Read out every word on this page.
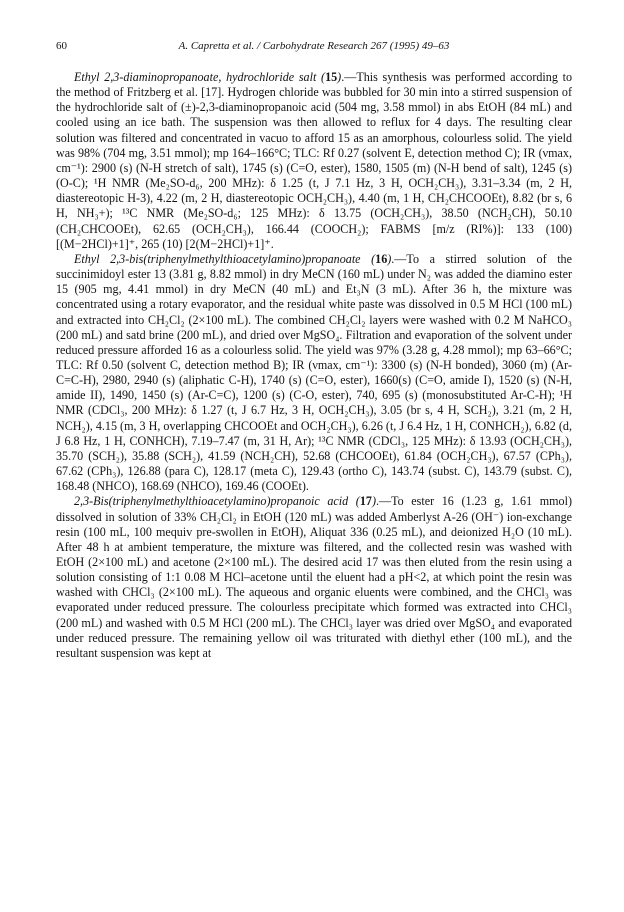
60	A. Capretta et al. / Carbohydrate Research 267 (1995) 49–63

Ethyl 2,3-diaminopropanoate, hydrochloride salt (15).—This synthesis was performed according to the method of Fritzberg et al. [17]. Hydrogen chloride was bubbled for 30 min into a stirred suspension of the hydrochloride salt of (±)-2,3-diaminopropanoic acid (504 mg, 3.58 mmol) in abs EtOH (84 mL) and cooled using an ice bath. The suspension was then allowed to reflux for 4 days. The resulting clear solution was filtered and concentrated in vacuo to afford 15 as an amorphous, colourless solid. The yield was 98% (704 mg, 3.51 mmol); mp 164–166°C; TLC: Rf 0.27 (solvent E, detection method C); IR (νmax, cm⁻¹): 2900 (s) (N-H stretch of salt), 1745 (s) (C=O, ester), 1580, 1505 (m) (N-H bend of salt), 1245 (s) (O-C); ¹H NMR (Me₂SO-d₆, 200 MHz): δ 1.25 (t, J 7.1 Hz, 3 H, OCH₂CH₃), 3.31–3.34 (m, 2 H, diastereotopic H-3), 4.22 (m, 2 H, diastereotopic OCH₂CH₃), 4.40 (m, 1 H, CH₂CHCOOEt), 8.82 (br s, 6 H, NH₃+); ¹³C NMR (Me₂SO-d₆; 125 MHz): δ 13.75 (OCH₂CH₃), 38.50 (NCH₂CH), 50.10 (CH₂CHCOOEt), 62.65 (OCH₂CH₃), 166.44 (COOCH₂); FABMS [m/z (RI%)]: 133 (100) [(M−2HCl)+1]⁺, 265 (10) [2(M−2HCl)+1]⁺.

Ethyl 2,3-bis(triphenylmethylthioacetylamino)propanoate (16).—To a stirred solution of the succinimidoyl ester 13 (3.81 g, 8.82 mmol) in dry MeCN (160 mL) under N₂ was added the diamino ester 15 (905 mg, 4.41 mmol) in dry MeCN (40 mL) and Et₃N (3 mL). After 36 h, the mixture was concentrated using a rotary evaporator, and the residual white paste was dissolved in 0.5 M HCl (100 mL) and extracted into CH₂Cl₂ (2×100 mL). The combined CH₂Cl₂ layers were washed with 0.2 M NaHCO₃ (200 mL) and satd brine (200 mL), and dried over MgSO₄. Filtration and evaporation of the solvent under reduced pressure afforded 16 as a colourless solid. The yield was 97% (3.28 g, 4.28 mmol); mp 63–66°C; TLC: Rf 0.50 (solvent C, detection method B); IR (νmax, cm⁻¹): 3300 (s) (N-H bonded), 3060 (m) (Ar-C=C-H), 2980, 2940 (s) (aliphatic C-H), 1740 (s) (C=O, ester), 1660(s) (C=O, amide I), 1520 (s) (N-H, amide II), 1490, 1450 (s) (Ar-C=C), 1200 (s) (C-O, ester), 740, 695 (s) (monosubstituted Ar-C-H); ¹H NMR (CDCl₃, 200 MHz): δ 1.27 (t, J 6.7 Hz, 3 H, OCH₂CH₃), 3.05 (br s, 4 H, SCH₂), 3.21 (m, 2 H, NCH₂), 4.15 (m, 3 H, overlapping CHCOOEt and OCH₂CH₃), 6.26 (t, J 6.4 Hz, 1 H, CONHCH₂), 6.82 (d, J 6.8 Hz, 1 H, CONHCH), 7.19–7.47 (m, 31 H, Ar); ¹³C NMR (CDCl₃, 125 MHz): δ 13.93 (OCH₂CH₃), 35.70 (SCH₂), 35.88 (SCH₂), 41.59 (NCH₂CH), 52.68 (CHCOOEt), 61.84 (OCH₂CH₃), 67.57 (CPh₃), 67.62 (CPh₃), 126.88 (para C), 128.17 (meta C), 129.43 (ortho C), 143.74 (subst. C), 143.79 (subst. C), 168.48 (NHCO), 168.69 (NHCO), 169.46 (COOEt).

2,3-Bis(triphenylmethylthioacetylamino)propanoic acid (17).—To ester 16 (1.23 g, 1.61 mmol) dissolved in solution of 33% CH₂Cl₂ in EtOH (120 mL) was added Amberlyst A-26 (OH⁻) ion-exchange resin (100 mL, 100 mequiv pre-swollen in EtOH), Aliquat 336 (0.25 mL), and deionized H₂O (10 mL). After 48 h at ambient temperature, the mixture was filtered, and the collected resin was washed with EtOH (2×100 mL) and acetone (2×100 mL). The desired acid 17 was then eluted from the resin using a solution consisting of 1:1 0.08 M HCl–acetone until the eluent had a pH<2, at which point the resin was washed with CHCl₃ (2×100 mL). The aqueous and organic eluents were combined, and the CHCl₃ was evaporated under reduced pressure. The colourless precipitate which formed was extracted into CHCl₃ (200 mL) and washed with 0.5 M HCl (200 mL). The CHCl₃ layer was dried over MgSO₄ and evaporated under reduced pressure. The remaining yellow oil was triturated with diethyl ether (100 mL), and the resultant suspension was kept at
